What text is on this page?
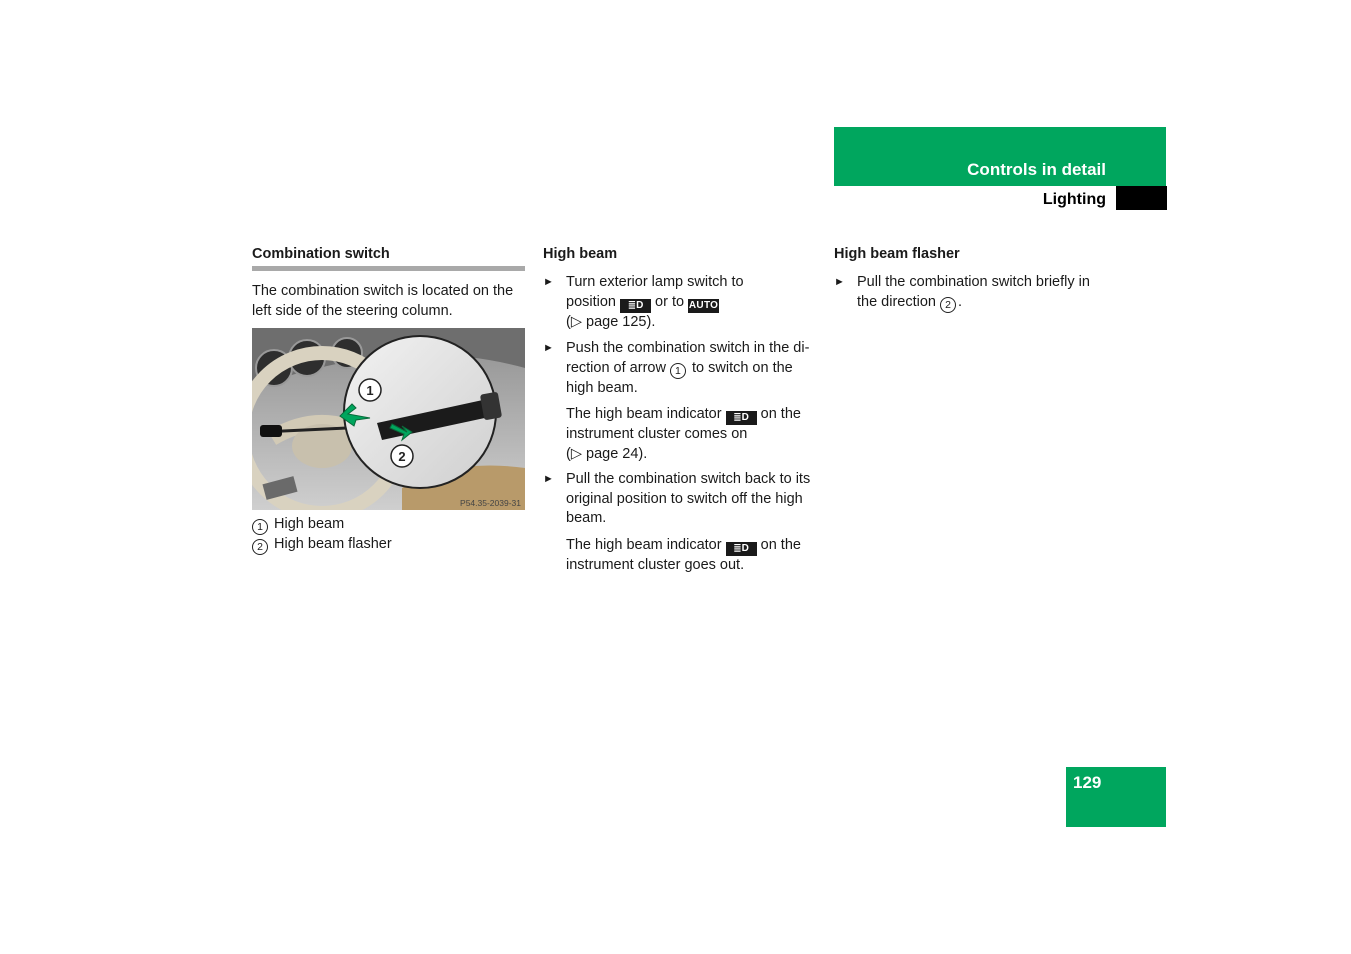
Controls in detail
Lighting
Combination switch
The combination switch is located on the left side of the steering column.
1
2
P54.35-2039-31
1 High beam
2 High beam flasher
High beam
► Turn exterior lamp switch to
position ≣D or to AUTO
(▷ page 125).
► Push the combination switch in the di-
rection of arrow 1 to switch on the
high beam.
The high beam indicator ≣D on the
instrument cluster comes on
(▷ page 24).
► Pull the combination switch back to its
original position to switch off the high
beam.
The high beam indicator ≣D on the
instrument cluster goes out.
High beam flasher
► Pull the combination switch briefly in
the direction 2 .
129
